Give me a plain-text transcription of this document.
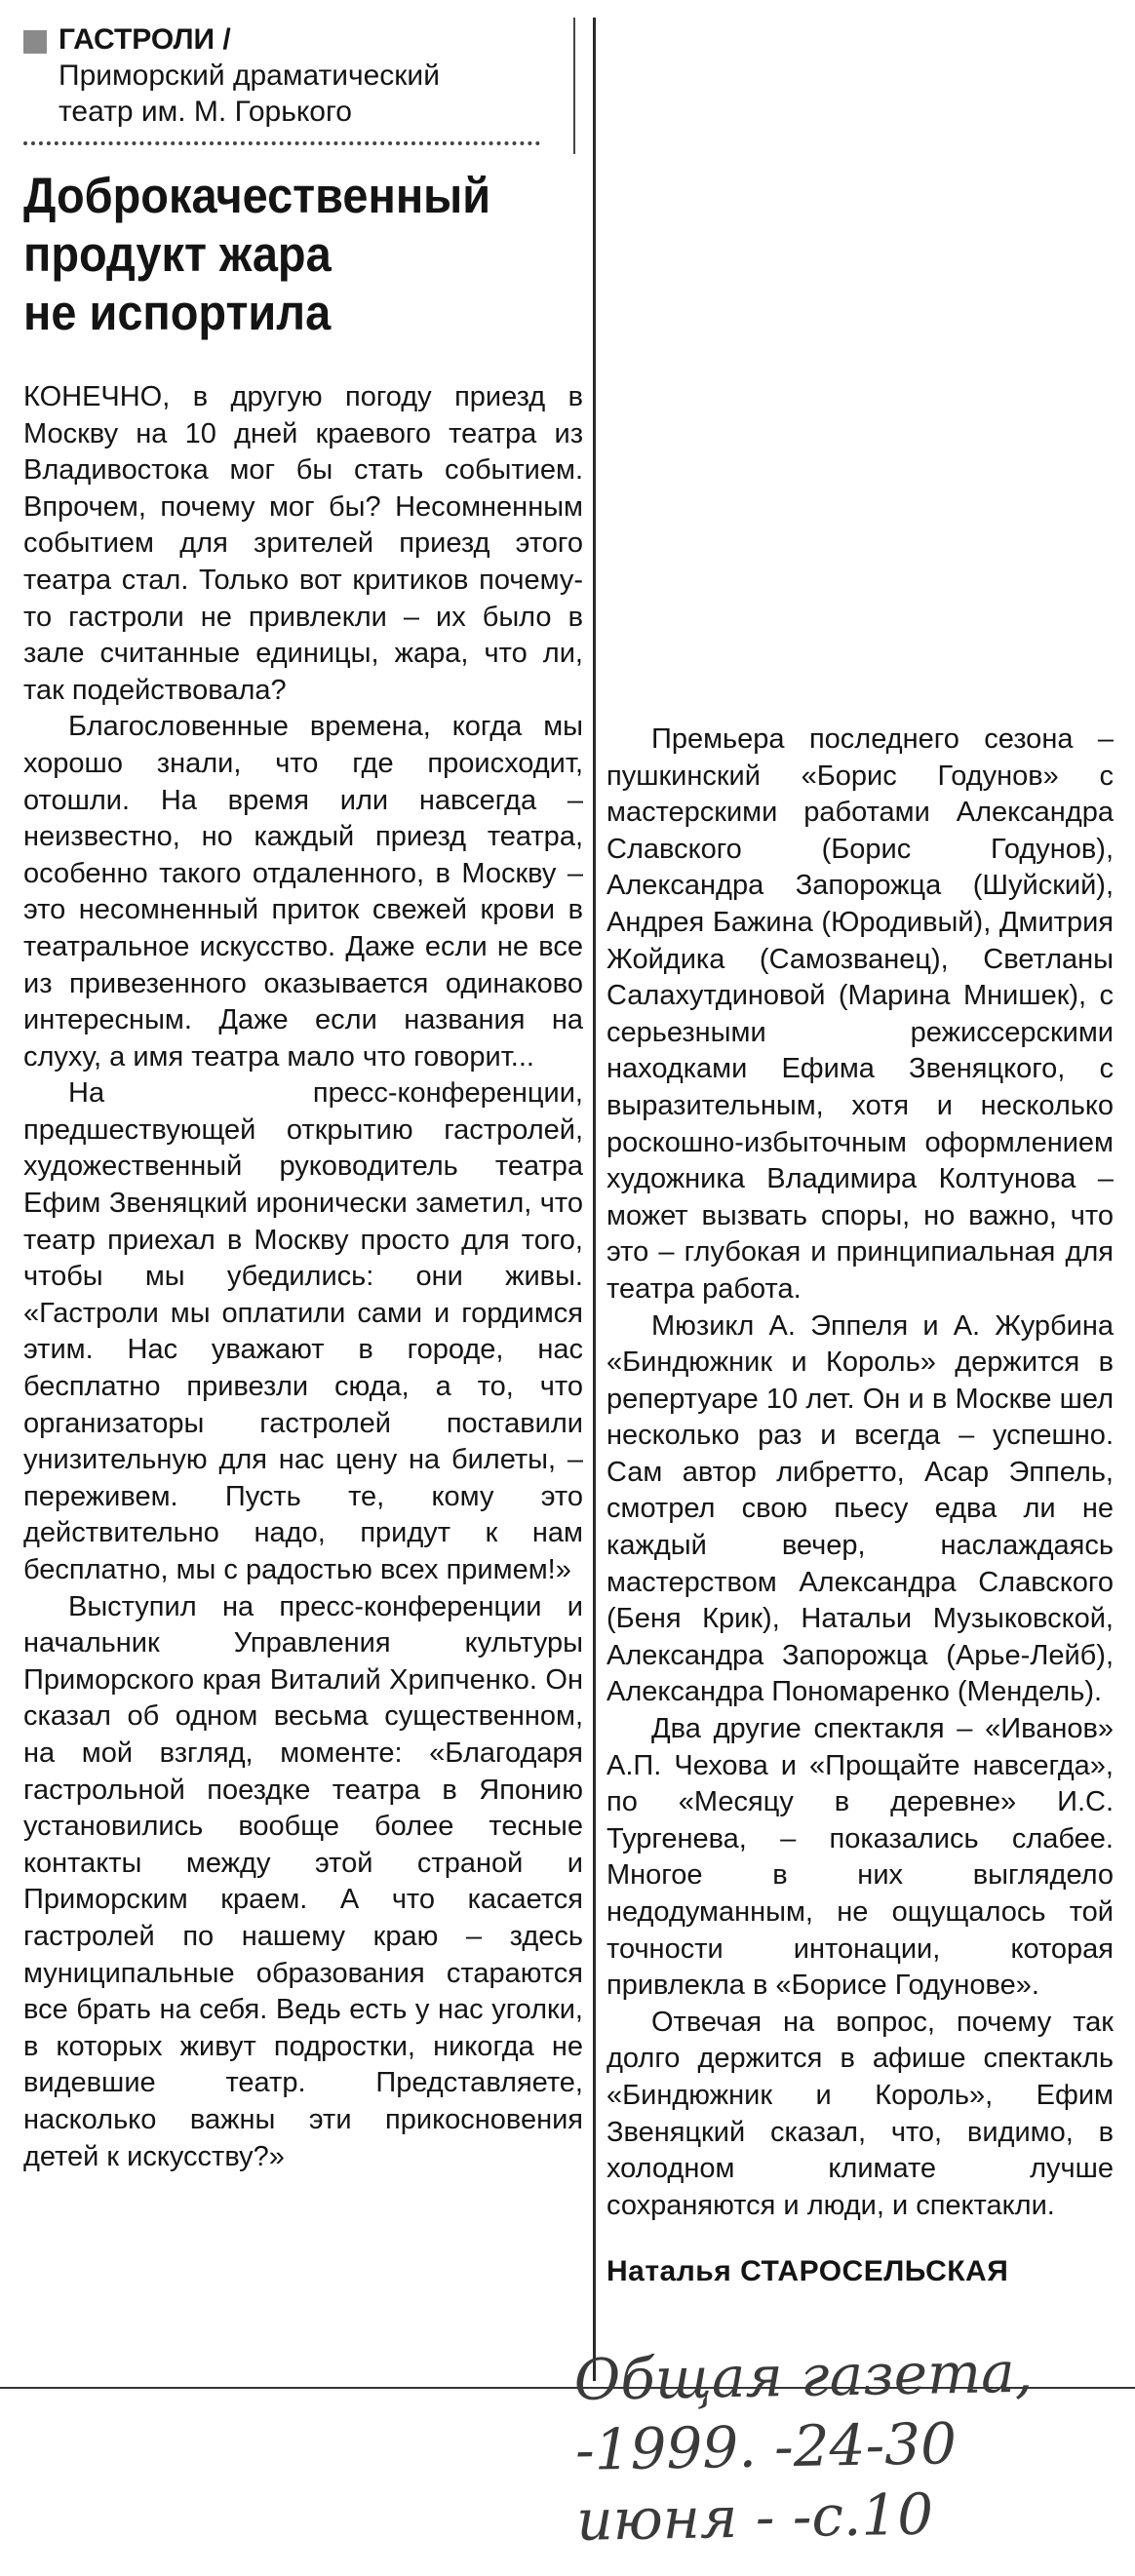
ГАСТРОЛИ /
Приморский драматический
театр им. М. Горького
Доброкачественный
продукт жара
не испортила

КОНЕЧНО, в другую погоду приезд в Москву на 10 дней краевого театра из Владивостока мог бы стать событием. Впрочем, почему мог бы? Несомненным событием для зрителей приезд этого театра стал. Только вот критиков почему-то гастроли не привлекли – их было в зале считанные единицы, жара, что ли, так подействовала?

Благословенные времена, когда мы хорошо знали, что где происходит, отошли. На время или навсегда – неизвестно, но каждый приезд театра, особенно такого отдаленного, в Москву – это несомненный приток свежей крови в театральное искусство. Даже если не все из привезенного оказывается одинаково интересным. Даже если названия на слуху, а имя театра мало что говорит...

На пресс-конференции, предшествующей открытию гастролей, художественный руководитель театра Ефим Звеняцкий иронически заметил, что театр приехал в Москву просто для того, чтобы мы убедились: они живы. «Гастроли мы оплатили сами и гордимся этим. Нас уважают в городе, нас бесплатно привезли сюда, а то, что организаторы гастролей поставили унизительную для нас цену на билеты, – переживем. Пусть те, кому это действительно надо, придут к нам бесплатно, мы с радостью всех примем!»

Выступил на пресс-конференции и начальник Управления культуры Приморского края Виталий Хрипченко. Он сказал об одном весьма существенном, на мой взгляд, моменте: «Благодаря гастрольной поездке театра в Японию установились вообще более тесные контакты между этой страной и Приморским краем. А что касается гастролей по нашему краю – здесь муниципальные образования стараются все брать на себя. Ведь есть у нас уголки, в которых живут подростки, никогда не видевшие театр. Представляете, насколько важны эти прикосновения детей к искусству?»

Премьера последнего сезона – пушкинский «Борис Годунов» с мастерскими работами Александра Славского (Борис Годунов), Александра Запорожца (Шуйский), Андрея Бажина (Юродивый), Дмитрия Жойдика (Самозванец), Светланы Салахутдиновой (Марина Мнишек), с серьезными режиссерскими находками Ефима Звеняцкого, с выразительным, хотя и несколько роскошно-избыточным оформлением художника Владимира Колтунова – может вызвать споры, но важно, что это – глубокая и принципиальная для театра работа.

Мюзикл А. Эппеля и А. Журбина «Биндюжник и Король» держится в репертуаре 10 лет. Он и в Москве шел несколько раз и всегда – успешно. Сам автор либретто, Асар Эппель, смотрел свою пьесу едва ли не каждый вечер, наслаждаясь мастерством Александра Славского (Беня Крик), Натальи Музыковской, Александра Запорожца (Арье-Лейб), Александра Пономаренко (Мендель).

Два другие спектакля – «Иванов» А.П. Чехова и «Прощайте навсегда», по «Месяцу в деревне» И.С. Тургенева, – показались слабее. Многое в них выглядело недодуманным, не ощущалось той точности интонации, которая привлекла в «Борисе Годунове».

Отвечая на вопрос, почему так долго держится в афише спектакль «Биндюжник и Король», Ефим Звеняцкий сказал, что, видимо, в холодном климате лучше сохраняются и люди, и спектакли.

Наталья СТАРОСЕЛЬСКАЯ
Общая газета,
-1999. -24-30
июня - -с.10
